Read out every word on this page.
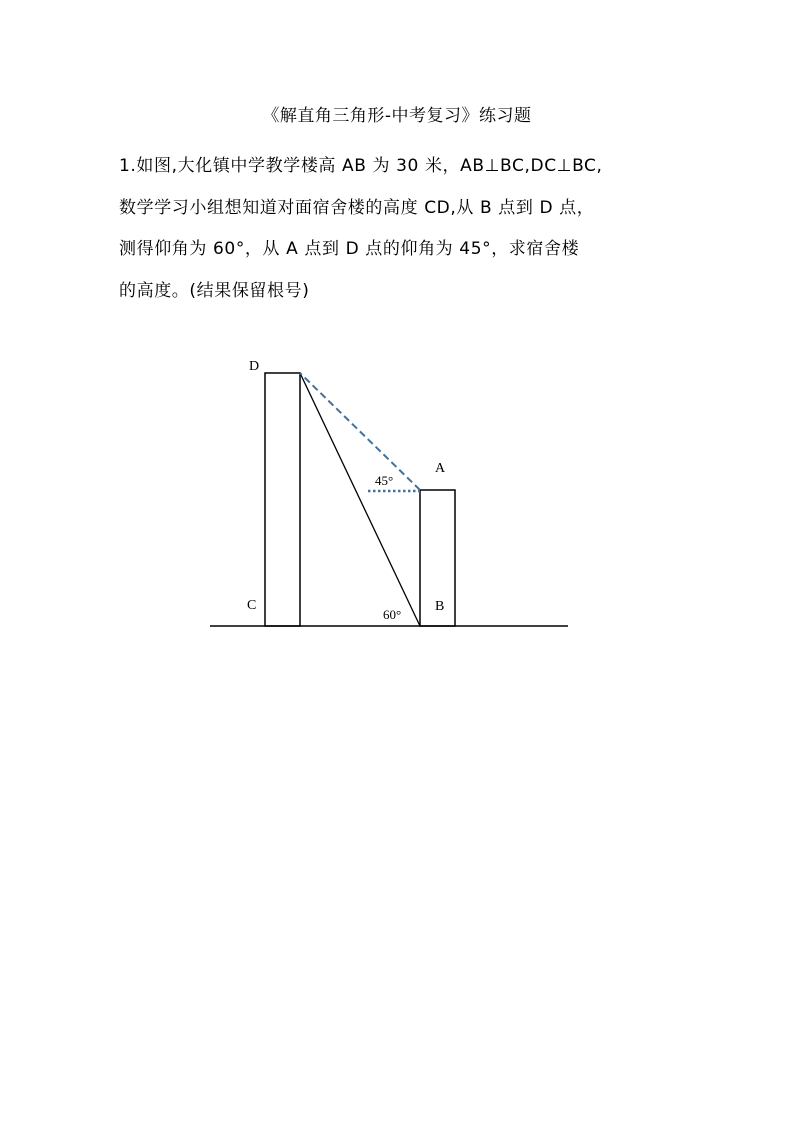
《解直角三角形-中考复习》练习题
1.如图,大化镇中学教学楼高 AB 为 30 米，AB⊥BC,DC⊥BC,
数学学习小组想知道对面宿舍楼的高度 CD,从 B 点到 D 点，
测得仰角为 60°，从 A 点到 D 点的仰角为 45°，求宿舍楼
的高度。(结果保留根号)
D
A
C	B
45°
60°
